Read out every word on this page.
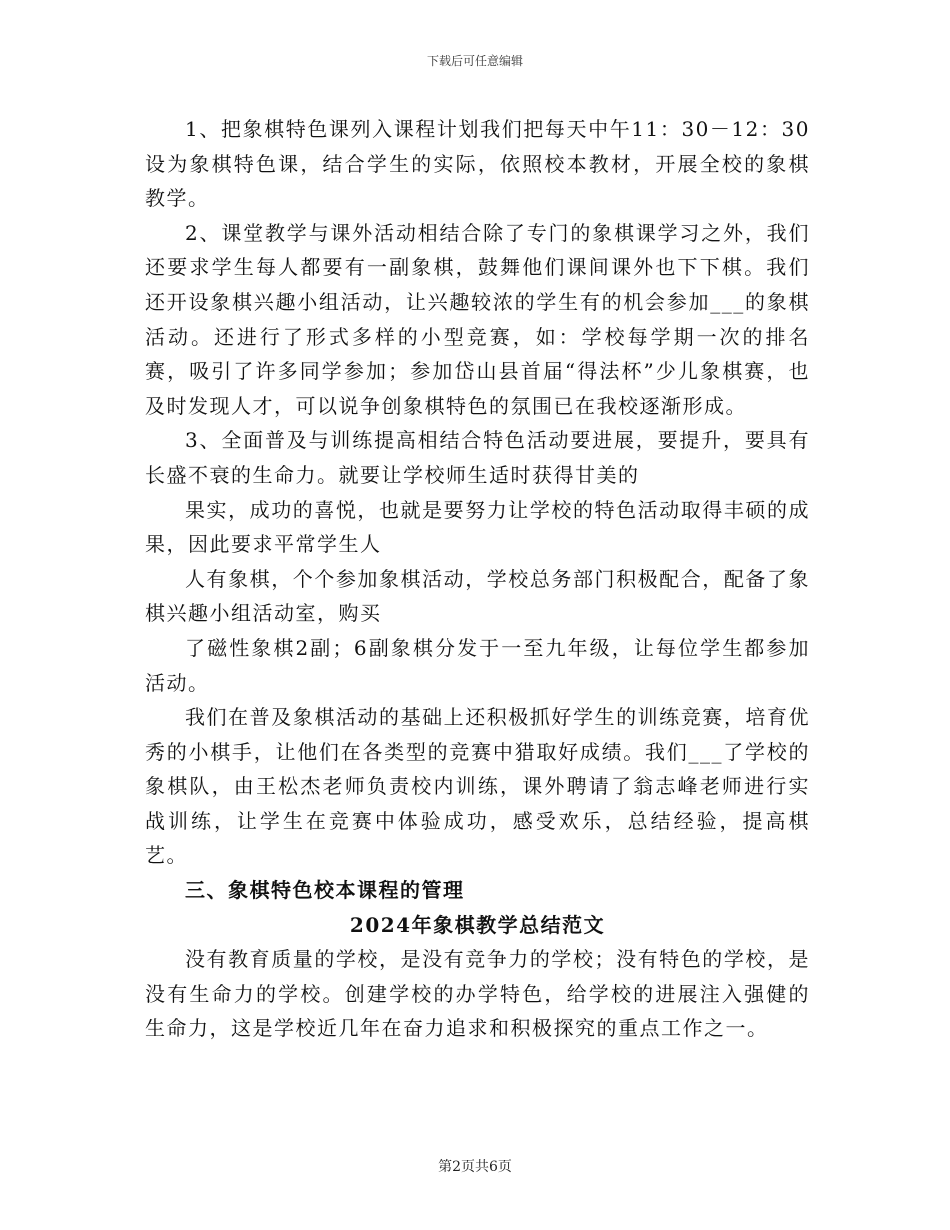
下载后可任意编辑

1、把象棋特色课列入课程计划我们把每天中午11：30－12：30设为象棋特色课，结合学生的实际，依照校本教材，开展全校的象棋教学。

2、课堂教学与课外活动相结合除了专门的象棋课学习之外，我们还要求学生每人都要有一副象棋，鼓舞他们课间课外也下下棋。我们还开设象棋兴趣小组活动，让兴趣较浓的学生有的机会参加___的象棋活动。还进行了形式多样的小型竞赛，如：学校每学期一次的排名赛，吸引了许多同学参加；参加岱山县首届“得法杯”少儿象棋赛，也及时发现人才，可以说争创象棋特色的氛围已在我校逐渐形成。

3、全面普及与训练提高相结合特色活动要进展，要提升，要具有长盛不衰的生命力。就要让学校师生适时获得甘美的

果实，成功的喜悦，也就是要努力让学校的特色活动取得丰硕的成果，因此要求平常学生人

人有象棋，个个参加象棋活动，学校总务部门积极配合，配备了象棋兴趣小组活动室，购买

了磁性象棋2副；6副象棋分发于一至九年级，让每位学生都参加活动。

我们在普及象棋活动的基础上还积极抓好学生的训练竞赛，培育优秀的小棋手，让他们在各类型的竞赛中猎取好成绩。我们___了学校的象棋队，由王松杰老师负责校内训练，课外聘请了翁志峰老师进行实战训练，让学生在竞赛中体验成功，感受欢乐，总结经验，提高棋艺。

三、象棋特色校本课程的管理

2024年象棋教学总结范文

没有教育质量的学校，是没有竞争力的学校；没有特色的学校，是没有生命力的学校。创建学校的办学特色，给学校的进展注入强健的生命力，这是学校近几年在奋力追求和积极探究的重点工作之一。

第2页共6页
